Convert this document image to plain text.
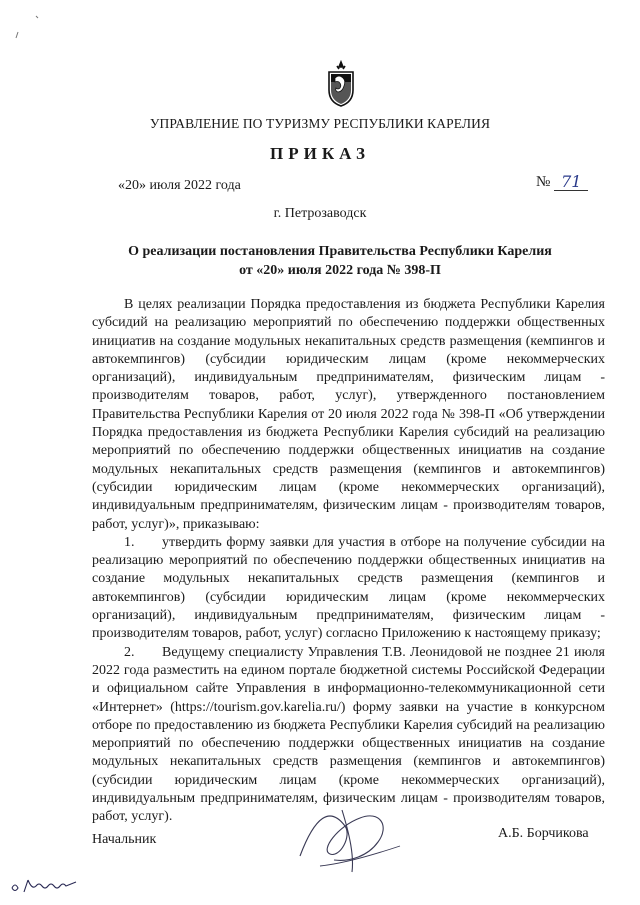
УПРАВЛЕНИЕ ПО ТУРИЗМУ РЕСПУБЛИКИ КАРЕЛИЯ
ПРИКАЗ
«20» июля 2022 года	№ 71
г. Петрозаводск
О реализации постановления Правительства Республики Карелия
от «20» июля 2022 года № 398-П

В целях реализации Порядка предоставления из бюджета Республики Карелия субсидий на реализацию мероприятий по обеспечению поддержки общественных инициатив на создание модульных некапитальных средств размещения (кемпингов и автокемпингов) (субсидии юридическим лицам (кроме некоммерческих организаций), индивидуальным предпринимателям, физическим лицам - производителям товаров, работ, услуг), утвержденного постановлением Правительства Республики Карелия от 20 июля 2022 года № 398-П «Об утверждении Порядка предоставления из бюджета Республики Карелия субсидий на реализацию мероприятий по обеспечению поддержки общественных инициатив на создание модульных некапитальных средств размещения (кемпингов и автокемпингов) (субсидии юридическим лицам (кроме некоммерческих организаций), индивидуальным предпринимателям, физическим лицам - производителям товаров, работ, услуг)», приказываю:

1. утвердить форму заявки для участия в отборе на получение субсидии на реализацию мероприятий по обеспечению поддержки общественных инициатив на создание модульных некапитальных средств размещения (кемпингов и автокемпингов) (субсидии юридическим лицам (кроме некоммерческих организаций), индивидуальным предпринимателям, физическим лицам - производителям товаров, работ, услуг) согласно Приложению к настоящему приказу;

2. Ведущему специалисту Управления Т.В. Леонидовой не позднее 21 июля 2022 года разместить на едином портале бюджетной системы Российской Федерации и официальном сайте Управления в информационно-телекоммуникационной сети «Интернет» (https://tourism.gov.karelia.ru/) форму заявки на участие в конкурсном отборе по предоставлению из бюджета Республики Карелия субсидий на реализацию мероприятий по обеспечению поддержки общественных инициатив на создание модульных некапитальных средств размещения (кемпингов и автокемпингов) (субсидии юридическим лицам (кроме некоммерческих организаций), индивидуальным предпринимателям, физическим лицам - производителям товаров, работ, услуг).

Начальник	А.Б. Борчикова
